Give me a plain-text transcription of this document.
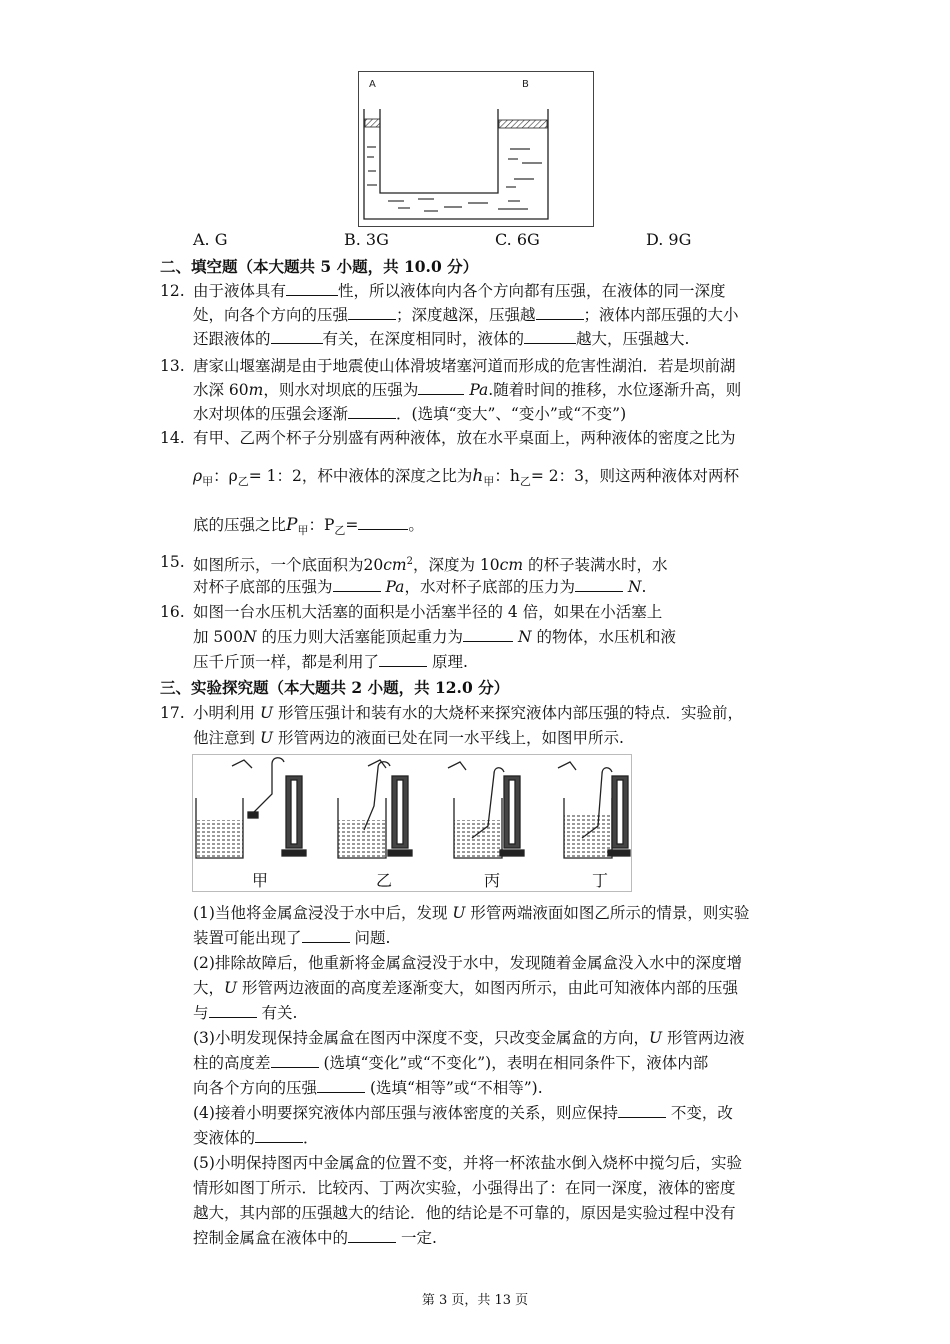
A	B
A. G	B. 3G	C. 6G	D. 9G
二、填空题（本大题共 5 小题，共 10.0 分）
12. 由于液体具有	性，所以液体向内各个方向都有压强，在液体的同一深度
处，向各个方向的压强	；深度越深，压强越	；液体内部压强的大小
还跟液体的	有关，在深度相同时，液体的	越大，压强越大.
13. 唐家山堰塞湖是由于地震使山体滑坡堵塞河道而形成的危害性湖泊．若是坝前湖
水深 60m，则水对坝底的压强为	Pa.随着时间的推移，水位逐渐升高，则
水对坝体的压强会逐渐	．(选填“变大”、“变小”或“不变”)
14. 有甲、乙两个杯子分别盛有两种液体，放在水平桌面上，两种液体的密度之比为
$\rho_甲$：$\rho_乙= 1$：2，杯中液体的深度之比为$h_甲$：$h_乙= 2$：3，则这两种液体对两杯
底的压强之比$P_甲$：$P_乙=$	。
15. 如图所示，一个底面积为$20cm^2$，深度为 10cm 的杯子装满水时，水
对杯子底部的压强为	Pa，水对杯子底部的压力为	N.
16. 如图一台水压机大活塞的面积是小活塞半径的 4 倍，如果在小活塞上
加 500N 的压力则大活塞能顶起重力为	N 的物体，水压机和液
压千斤顶一样，都是利用了	原理.
三、实验探究题（本大题共 2 小题，共 12.0 分）
17. 小明利用 U 形管压强计和装有水的大烧杯来探究液体内部压强的特点．实验前，
他注意到 U 形管两边的液面已处在同一水平线上，如图甲所示.
甲	乙	丙	丁
(1)当他将金属盒浸没于水中后，发现 U 形管两端液面如图乙所示的情景，则实验
装置可能出现了	问题.
(2)排除故障后，他重新将金属盒浸没于水中，发现随着金属盒没入水中的深度增
大，U 形管两边液面的高度差逐渐变大，如图丙所示，由此可知液体内部的压强
与	有关.
(3)小明发现保持金属盒在图丙中深度不变，只改变金属盒的方向，U 形管两边液
柱的高度差	(选填“变化”或“不变化”)，表明在相同条件下，液体内部
向各个方向的压强	(选填“相等”或“不相等”).
(4)接着小明要探究液体内部压强与液体密度的关系，则应保持	不变，改
变液体的	．
(5)小明保持图丙中金属盒的位置不变，并将一杯浓盐水倒入烧杯中搅匀后，实验
情形如图丁所示．比较丙、丁两次实验，小强得出了：在同一深度，液体的密度
越大，其内部的压强越大的结论．他的结论是不可靠的，原因是实验过程中没有
控制金属盒在液体中的	一定.
第 3 页，共 13 页
